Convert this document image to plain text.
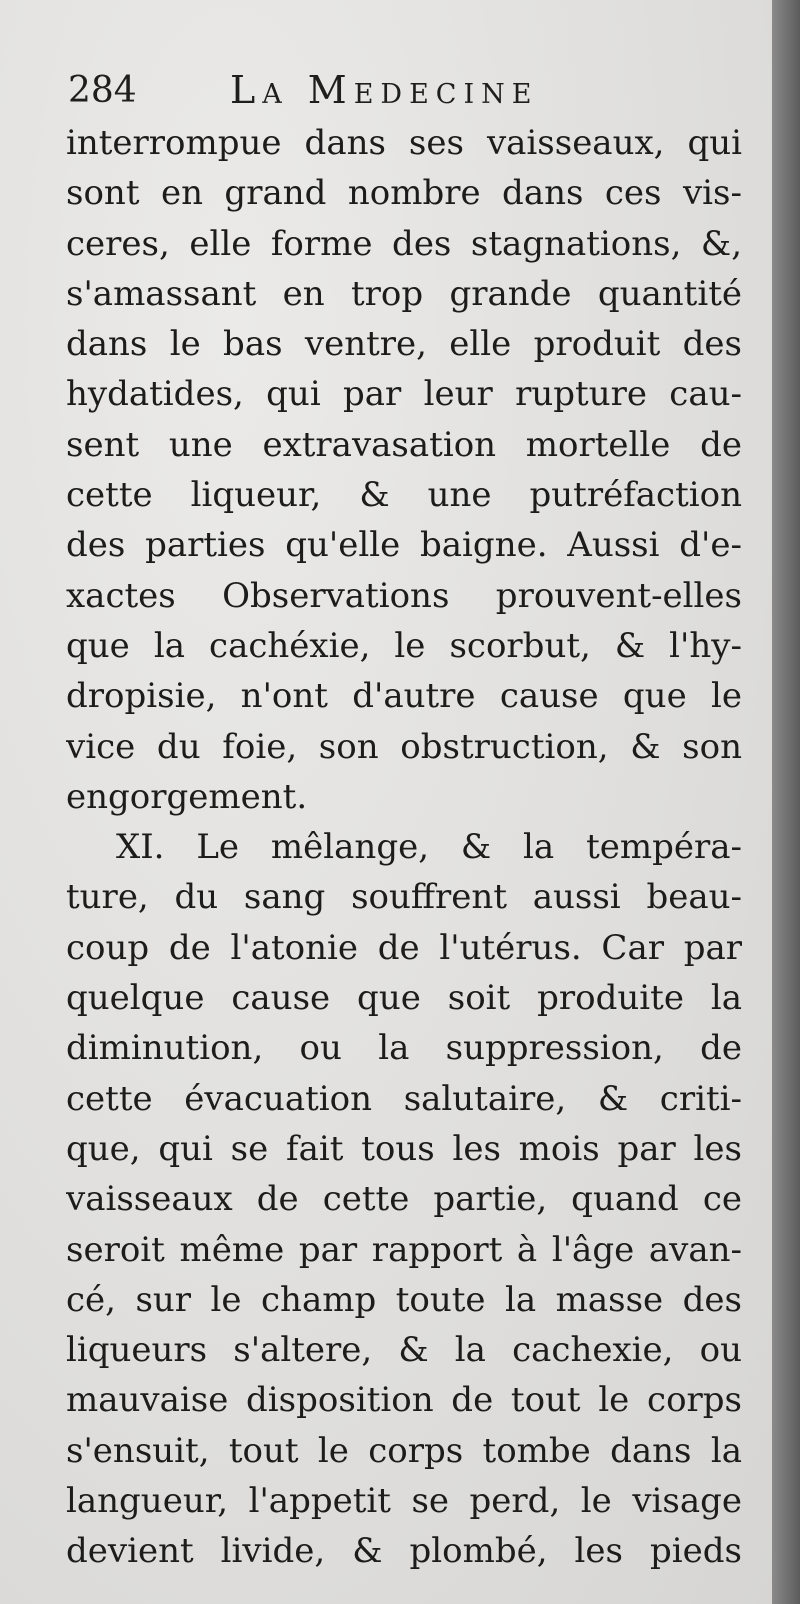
284 La Medecine
interrompue dans ses vaisseaux, qui
sont en grand nombre dans ces vis-
ceres, elle forme des stagnations, &,
s'amassant en trop grande quantité
dans le bas ventre, elle produit des
hydatides, qui par leur rupture cau-
sent une extravasation mortelle de
cette liqueur, & une putréfaction
des parties qu'elle baigne. Aussi d'e-
xactes Observations prouvent-elles
que la cachéxie, le scorbut, & l'hy-
dropisie, n'ont d'autre cause que le
vice du foie, son obstruction, & son
engorgement.
XI. Le mêlange, & la tempéra-
ture, du sang souffrent aussi beau-
coup de l'atonie de l'utérus. Car par
quelque cause que soit produite la
diminution, ou la suppression, de
cette évacuation salutaire, & criti-
que, qui se fait tous les mois par les
vaisseaux de cette partie, quand ce
seroit même par rapport à l'âge avan-
cé, sur le champ toute la masse des
liqueurs s'altere, & la cachexie, ou
mauvaise disposition de tout le corps
s'ensuit, tout le corps tombe dans la
langueur, l'appetit se perd, le visage
devient livide, & plombé, les pieds
